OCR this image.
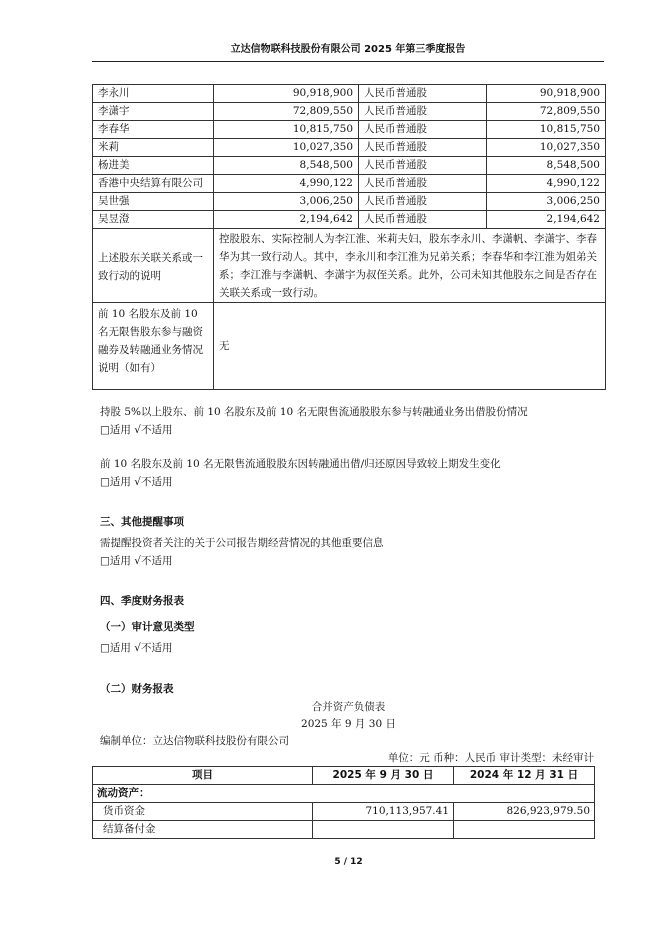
立达信物联科技股份有限公司 2025 年第三季度报告
李永川	90,918,900	人民币普通股	90,918,900
李潇宇	72,809,550	人民币普通股	72,809,550
李春华	10,815,750	人民币普通股	10,815,750
米莉	10,027,350	人民币普通股	10,027,350
杨进美	8,548,500	人民币普通股	8,548,500
香港中央结算有限公司	4,990,122	人民币普通股	4,990,122
吴世强	3,006,250	人民币普通股	3,006,250
吴昱澄	2,194,642	人民币普通股	2,194,642
上述股东关联关系或一致行动的说明	控股股东、实际控制人为李江淮、米莉夫妇，股东李永川、李潇帆、李潇宇、李春华为其一致行动人。其中，李永川和李江淮为兄弟关系；李春华和李江淮为姐弟关系；李江淮与李潇帆、李潇宇为叔侄关系。此外，公司未知其他股东之间是否存在关联关系或一致行动。		
前 10 名股东及前 10 名无限售股东参与融资融券及转融通业务情况说明（如有）	无		
持股 5%以上股东、前 10 名股东及前 10 名无限售流通股股东参与转融通业务出借股份情况
□适用 √不适用
前 10 名股东及前 10 名无限售流通股股东因转融通出借/归还原因导致较上期发生变化
□适用 √不适用
三、其他提醒事项
需提醒投资者关注的关于公司报告期经营情况的其他重要信息
□适用 √不适用
四、季度财务报表
（一）审计意见类型
□适用 √不适用
（二）财务报表
合并资产负债表
2025 年 9 月 30 日
编制单位：立达信物联科技股份有限公司
单位：元 币种：人民币 审计类型：未经审计
项目	2025 年 9 月 30 日	2024 年 12 月 31 日
流动资产：		
货币资金	710,113,957.41	826,923,979.50
结算备付金		
5 / 12
